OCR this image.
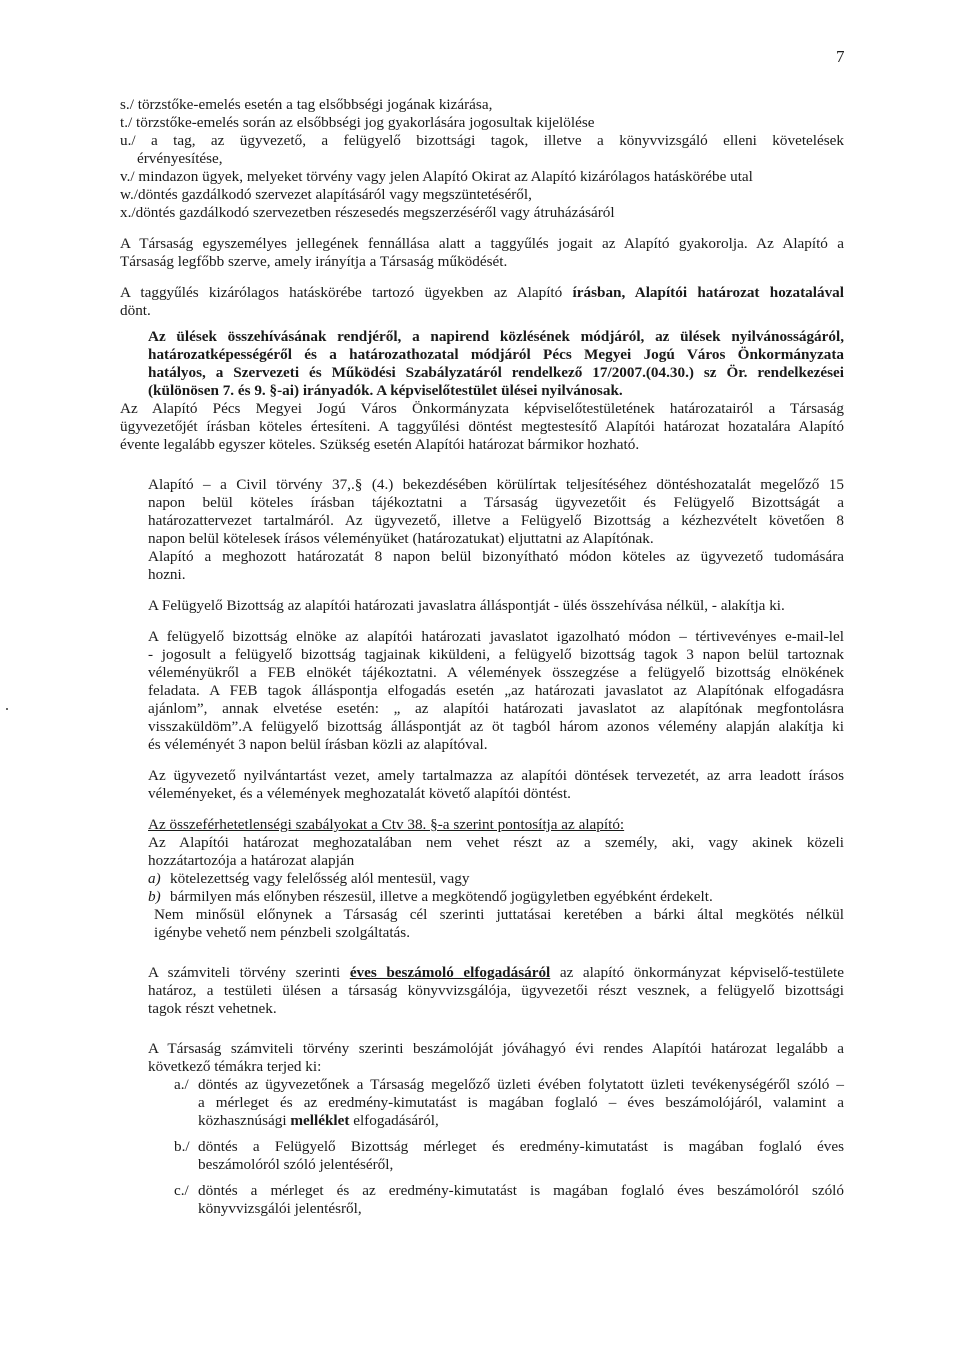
7
s./ törzstőke-emelés esetén a tag elsőbbségi jogának kizárása,
t./ törzstőke-emelés során az elsőbbségi jog gyakorlására jogosultak kijelölése
u./ a tag, az ügyvezető, a felügyelő bizottsági tagok, illetve a könyvvizsgáló elleni követelések
érvényesítése,
v./ mindazon ügyek, melyeket törvény vagy jelen Alapító Okirat az Alapító kizárólagos hatáskörébe utal
w./döntés gazdálkodó szervezet alapításáról vagy megszüntetéséről,
x./döntés gazdálkodó szervezetben részesedés megszerzéséről vagy átruházásáról
A Társaság egyszemélyes jellegének fennállása alatt a taggyűlés jogait az Alapító gyakorolja. Az Alapító a
Társaság legfőbb szerve, amely irányítja a Társaság működését.
A taggyűlés kizárólagos hatáskörébe tartozó ügyekben az Alapító írásban, Alapítói határozat hozatalával
dönt.
Az ülések összehívásának rendjéről, a napirend közlésének módjáról, az ülések nyilvánosságáról,
határozatképességéről és a határozathozatal módjáról Pécs Megyei Jogú Város Önkormányzata
hatályos, a Szervezeti és Működési Szabályzatáról rendelkező 17/2007.(04.30.) sz Ör. rendelkezései
(különösen 7. és 9. §-ai) irányadók. A képviselőtestület ülései nyilvánosak.
Az Alapító Pécs Megyei Jogú Város Önkormányzata képviselőtestületének határozatairól a Társaság
ügyvezetőjét írásban köteles értesíteni. A taggyűlési döntést megtestesítő Alapítói határozat hozatalára Alapító
évente legalább egyszer köteles. Szükség esetén Alapítói határozat bármikor hozható.
Alapító – a Civil törvény 37,.§ (4.) bekezdésében körülírtak teljesítéséhez döntéshozatalát megelőző 15
napon belül köteles írásban tájékoztatni a Társaság ügyvezetőit és Felügyelő Bizottságát a
határozattervezet tartalmáról. Az ügyvezető, illetve a Felügyelő Bizottság a kézhezvételt követően 8
napon belül kötelesek írásos véleményüket (határozatukat) eljuttatni az Alapítónak.
Alapító a meghozott határozatát 8 napon belül bizonyítható módon köteles az ügyvezető tudomására
hozni.
A Felügyelő Bizottság az alapítói határozati javaslatra álláspontját - ülés összehívása nélkül, - alakítja ki.
A felügyelő bizottság elnöke az alapítói határozati javaslatot igazolható módon – tértivevényes e-mail-lel
- jogosult a felügyelő bizottság tagjainak kiküldeni, a felügyelő bizottság tagok 3 napon belül tartoznak
véleményükről a FEB elnökét tájékoztatni. A vélemények összegzése a felügyelő bizottság elnökének
feladata. A FEB tagok álláspontja elfogadás esetén „az határozati javaslatot az Alapítónak elfogadásra
ajánlom”, annak elvetése esetén: „ az alapítói határozati javaslatot az alapítónak megfontolásra
visszaküldöm”.A felügyelő bizottság álláspontját az öt tagból három azonos vélemény alapján alakítja ki
és véleményét 3 napon belül írásban közli az alapítóval.
Az ügyvezető nyilvántartást vezet, amely tartalmazza az alapítói döntések tervezetét, az arra leadott írásos
véleményeket, és a vélemények meghozatalát követő alapítói döntést.
Az összeférhetetlenségi szabályokat a Ctv 38. §-a szerint pontosítja az alapító:
Az Alapítói határozat meghozatalában nem vehet részt az a személy, aki, vagy akinek közeli
hozzátartozója a határozat alapján
a) kötelezettség vagy felelősség alól mentesül, vagy
b) bármilyen más előnyben részesül, illetve a megkötendő jogügyletben egyébként érdekelt.
Nem minősül előnynek a Társaság cél szerinti juttatásai keretében a bárki által megkötés nélkül
igénybe vehető nem pénzbeli szolgáltatás.
A számviteli törvény szerinti éves beszámoló elfogadásáról az alapító önkormányzat képviselő-testülete
határoz, a testületi ülésen a társaság könyvvizsgálója, ügyvezetői részt vesznek, a felügyelő bizottsági
tagok részt vehetnek.
A Társaság számviteli törvény szerinti beszámolóját jóváhagyó évi rendes Alapítói határozat legalább a
következő témákra terjed ki:
a./ döntés az ügyvezetőnek a Társaság megelőző üzleti évében folytatott üzleti tevékenységéről szóló –
a mérleget és az eredmény-kimutatást is magában foglaló – éves beszámolójáról, valamint a
közhasznúsági melléklet elfogadásáról,
b./ döntés a Felügyelő Bizottság mérleget és eredmény-kimutatást is magában foglaló éves
beszámolóról szóló jelentéséről,
c./ döntés a mérleget és az eredmény-kimutatást is magában foglaló éves beszámolóról szóló
könyvvizsgálói jelentésről,
